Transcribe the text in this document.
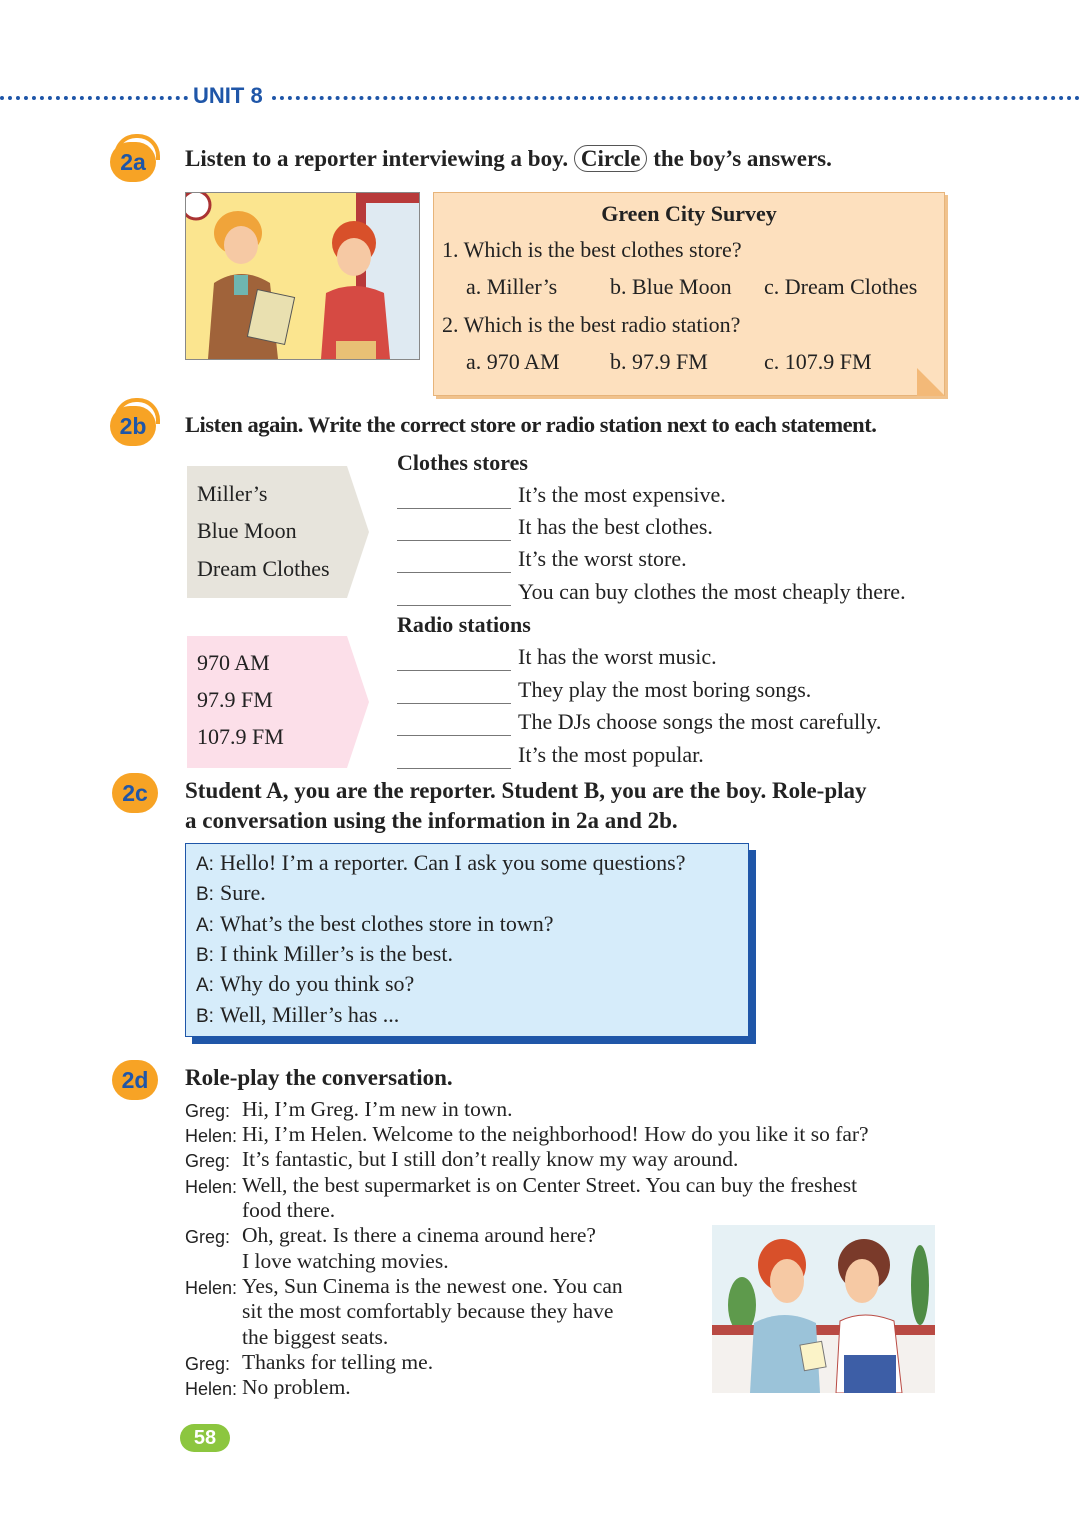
UNIT 8
2a Listen to a reporter interviewing a boy. Circle the boy’s answers.
Green City Survey
1. Which is the best clothes store?
a. Miller’s b. Blue Moon c. Dream Clothes
2. Which is the best radio station?
a. 970 AM b. 97.9 FM	c. 107.9 FM
2b Listen again. Write the correct store or radio station next to each statement.
Miller’s
Blue Moon
Dream Clothes
970 AM
97.9 FM
107.9 FM
Clothes stores
It’s the most expensive.
It has the best clothes.
It’s the worst store.
You can buy clothes the most cheaply there.
Radio stations
It has the worst music.
They play the most boring songs.
The DJs choose songs the most carefully.
It’s the most popular.
2c Student A, you are the reporter. Student B, you are the boy. Role-play
a conversation using the information in 2a and 2b.
A: Hello! I’m a reporter. Can I ask you some questions?
B: Sure.
A: What’s the best clothes store in town?
B: I think Miller’s is the best.
A: Why do you think so?
B: Well, Miller’s has ...
2d Role-play the conversation.
Greg: Hi, I’m Greg. I’m new in town.
Helen: Hi, I’m Helen. Welcome to the neighborhood! How do you like it so far?
Greg: It’s fantastic, but I still don’t really know my way around.
Helen: Well, the best supermarket is on Center Street. You can buy the freshest
food there.
Greg: Oh, great. Is there a cinema around here?
I love watching movies.
Helen: Yes, Sun Cinema is the newest one. You can
sit the most comfortably because they have
the biggest seats.
Greg: Thanks for telling me.
Helen: No problem.
58
